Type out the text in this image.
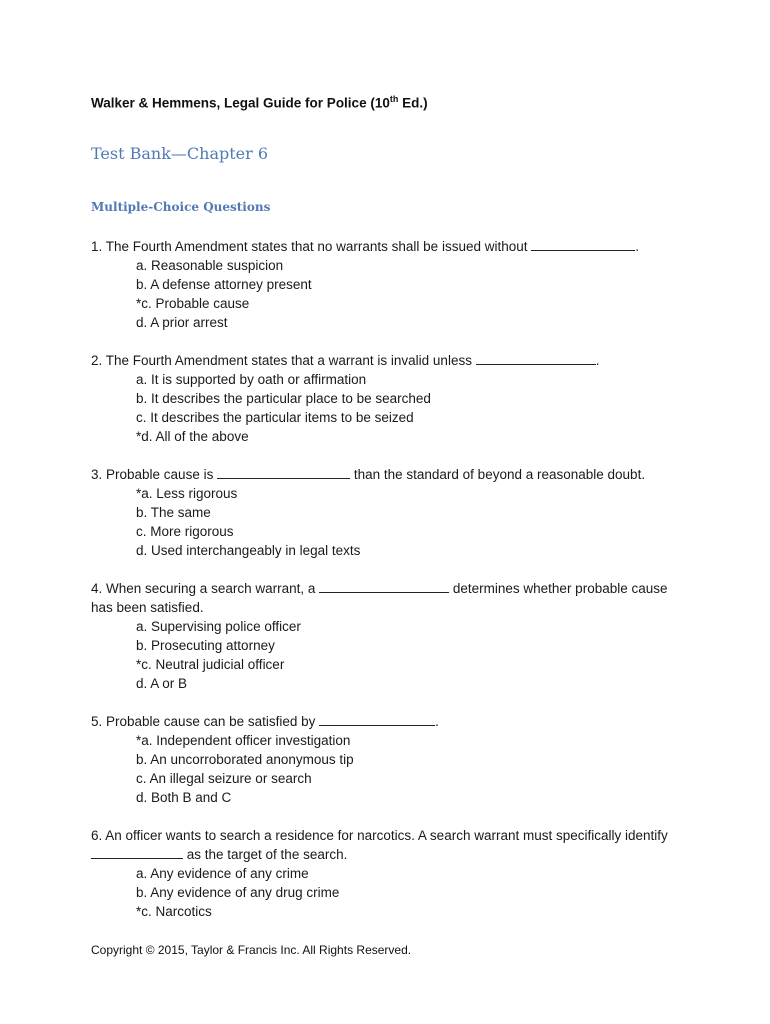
Walker & Hemmens, Legal Guide for Police (10th Ed.)
Test Bank—Chapter 6
Multiple-Choice Questions
1. The Fourth Amendment states that no warrants shall be issued without	.
a. Reasonable suspicion
b. A defense attorney present
*c. Probable cause
d. A prior arrest
2. The Fourth Amendment states that a warrant is invalid unless	.
a. It is supported by oath or affirmation
b. It describes the particular place to be searched
c. It describes the particular items to be seized
*d. All of the above
3. Probable cause is	than the standard of beyond a reasonable doubt.
*a. Less rigorous
b. The same
c. More rigorous
d. Used interchangeably in legal texts
4. When securing a search warrant, a	determines whether probable cause has been satisfied.
a. Supervising police officer
b. Prosecuting attorney
*c. Neutral judicial officer
d. A or B
5. Probable cause can be satisfied by	.
*a. Independent officer investigation
b. An uncorroborated anonymous tip
c. An illegal seizure or search
d. Both B and C
6. An officer wants to search a residence for narcotics. A search warrant must specifically identify  as the target of the search.
a. Any evidence of any crime
b. Any evidence of any drug crime
*c. Narcotics
Copyright © 2015, Taylor & Francis Inc. All Rights Reserved.
